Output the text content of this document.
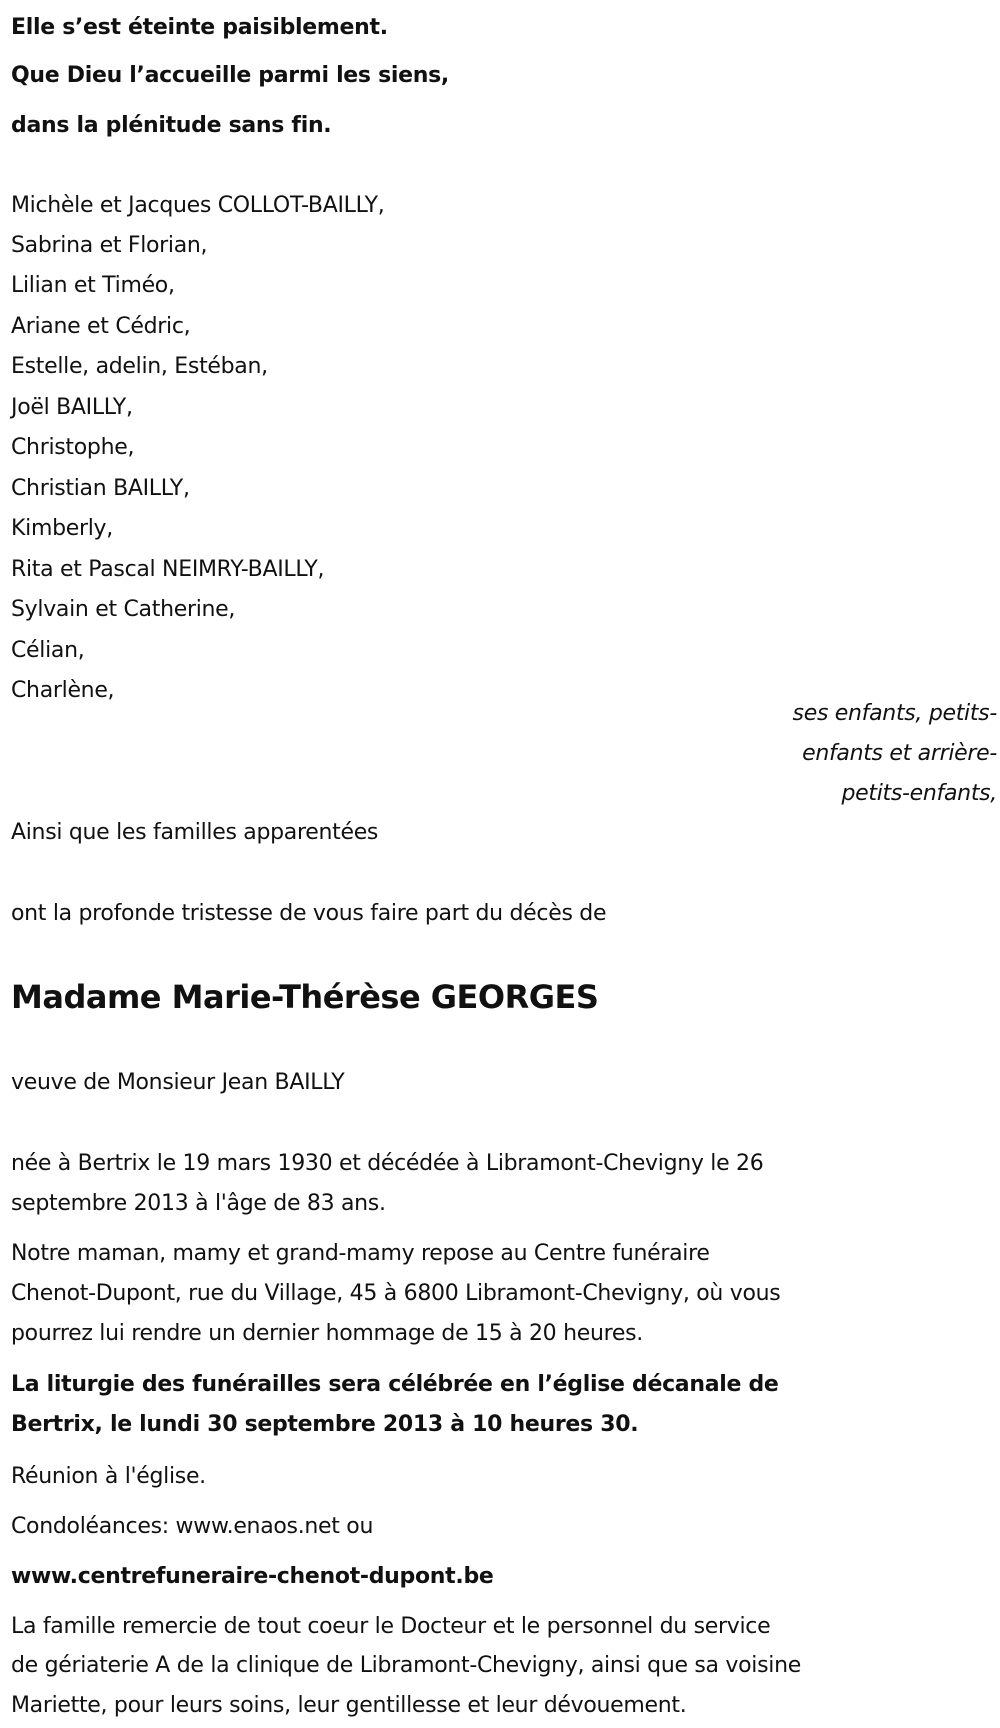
Elle s’est éteinte paisiblement.
Que Dieu l’accueille parmi les siens,
dans la plénitude sans fin.
Michèle et Jacques COLLOT-BAILLY,
Sabrina et Florian,
Lilian et Timéo,
Ariane et Cédric,
Estelle, adelin, Estéban,
Joël BAILLY,
Christophe,
Christian BAILLY,
Kimberly,
Rita et Pascal NEIMRY-BAILLY,
Sylvain et Catherine,
Célian,
Charlène,
ses enfants, petits-
enfants et arrière-
petits-enfants,
Ainsi que les familles apparentées
ont la profonde tristesse de vous faire part du décès de
Madame Marie-Thérèse GEORGES
veuve de Monsieur Jean BAILLY
née à Bertrix le 19 mars 1930 et décédée à Libramont-Chevigny le 26
septembre 2013 à l'âge de 83 ans.
Notre maman, mamy et grand-mamy repose au Centre funéraire
Chenot-Dupont, rue du Village, 45 à 6800 Libramont-Chevigny, où vous
pourrez lui rendre un dernier hommage de 15 à 20 heures.
La liturgie des funérailles sera célébrée en l’église décanale de
Bertrix, le lundi 30 septembre 2013 à 10 heures 30.
Réunion à l'église.
Condoléances: www.enaos.net ou
www.centrefuneraire-chenot-dupont.be
La famille remercie de tout coeur le Docteur et le personnel du service
de gériaterie A de la clinique de Libramont-Chevigny, ainsi que sa voisine
Mariette, pour leurs soins, leur gentillesse et leur dévouement.
